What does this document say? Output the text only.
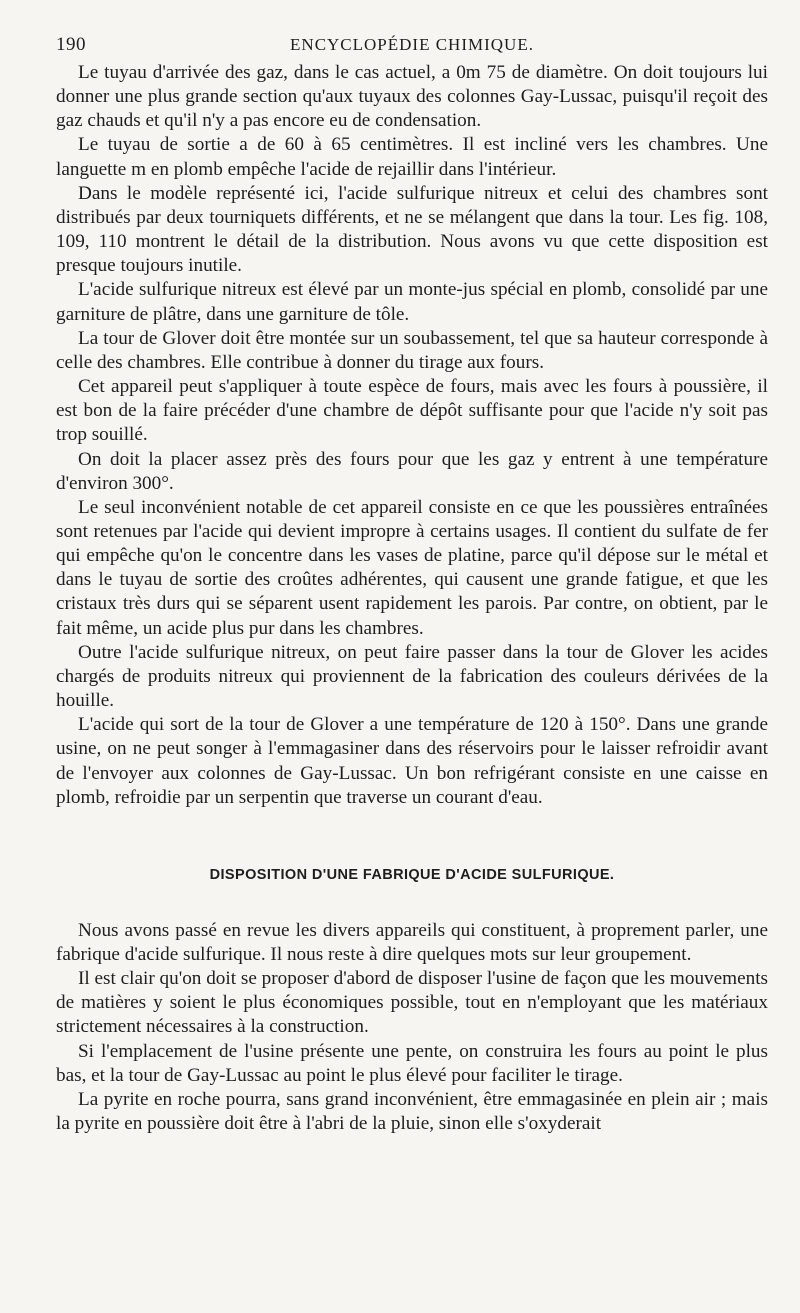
190	ENCYCLOPÉDIE CHIMIQUE.

Le tuyau d'arrivée des gaz, dans le cas actuel, a 0m 75 de diamètre. On doit toujours lui donner une plus grande section qu'aux tuyaux des colonnes Gay-Lussac, puisqu'il reçoit des gaz chauds et qu'il n'y a pas encore eu de condensation.

Le tuyau de sortie a de 60 à 65 centimètres. Il est incliné vers les chambres. Une languette m en plomb empêche l'acide de rejaillir dans l'intérieur.

Dans le modèle représenté ici, l'acide sulfurique nitreux et celui des chambres sont distribués par deux tourniquets différents, et ne se mélangent que dans la tour. Les fig. 108, 109, 110 montrent le détail de la distribution. Nous avons vu que cette disposition est presque toujours inutile.

L'acide sulfurique nitreux est élevé par un monte-jus spécial en plomb, consolidé par une garniture de plâtre, dans une garniture de tôle.

La tour de Glover doit être montée sur un soubassement, tel que sa hauteur corresponde à celle des chambres. Elle contribue à donner du tirage aux fours.

Cet appareil peut s'appliquer à toute espèce de fours, mais avec les fours à poussière, il est bon de la faire précéder d'une chambre de dépôt suffisante pour que l'acide n'y soit pas trop souillé.

On doit la placer assez près des fours pour que les gaz y entrent à une température d'environ 300°.

Le seul inconvénient notable de cet appareil consiste en ce que les poussières entraînées sont retenues par l'acide qui devient impropre à certains usages. Il contient du sulfate de fer qui empêche qu'on le concentre dans les vases de platine, parce qu'il dépose sur le métal et dans le tuyau de sortie des croûtes adhérentes, qui causent une grande fatigue, et que les cristaux très durs qui se séparent usent rapidement les parois. Par contre, on obtient, par le fait même, un acide plus pur dans les chambres.

Outre l'acide sulfurique nitreux, on peut faire passer dans la tour de Glover les acides chargés de produits nitreux qui proviennent de la fabrication des couleurs dérivées de la houille.

L'acide qui sort de la tour de Glover a une température de 120 à 150°. Dans une grande usine, on ne peut songer à l'emmagasiner dans des réservoirs pour le laisser refroidir avant de l'envoyer aux colonnes de Gay-Lussac. Un bon refrigérant consiste en une caisse en plomb, refroidie par un serpentin que traverse un courant d'eau.

DISPOSITION D'UNE FABRIQUE D'ACIDE SULFURIQUE.

Nous avons passé en revue les divers appareils qui constituent, à proprement parler, une fabrique d'acide sulfurique. Il nous reste à dire quelques mots sur leur groupement.

Il est clair qu'on doit se proposer d'abord de disposer l'usine de façon que les mouvements de matières y soient le plus économiques possible, tout en n'employant que les matériaux strictement nécessaires à la construction.

Si l'emplacement de l'usine présente une pente, on construira les fours au point le plus bas, et la tour de Gay-Lussac au point le plus élevé pour faciliter le tirage.

La pyrite en roche pourra, sans grand inconvénient, être emmagasinée en plein air ; mais la pyrite en poussière doit être à l'abri de la pluie, sinon elle s'oxyderait
